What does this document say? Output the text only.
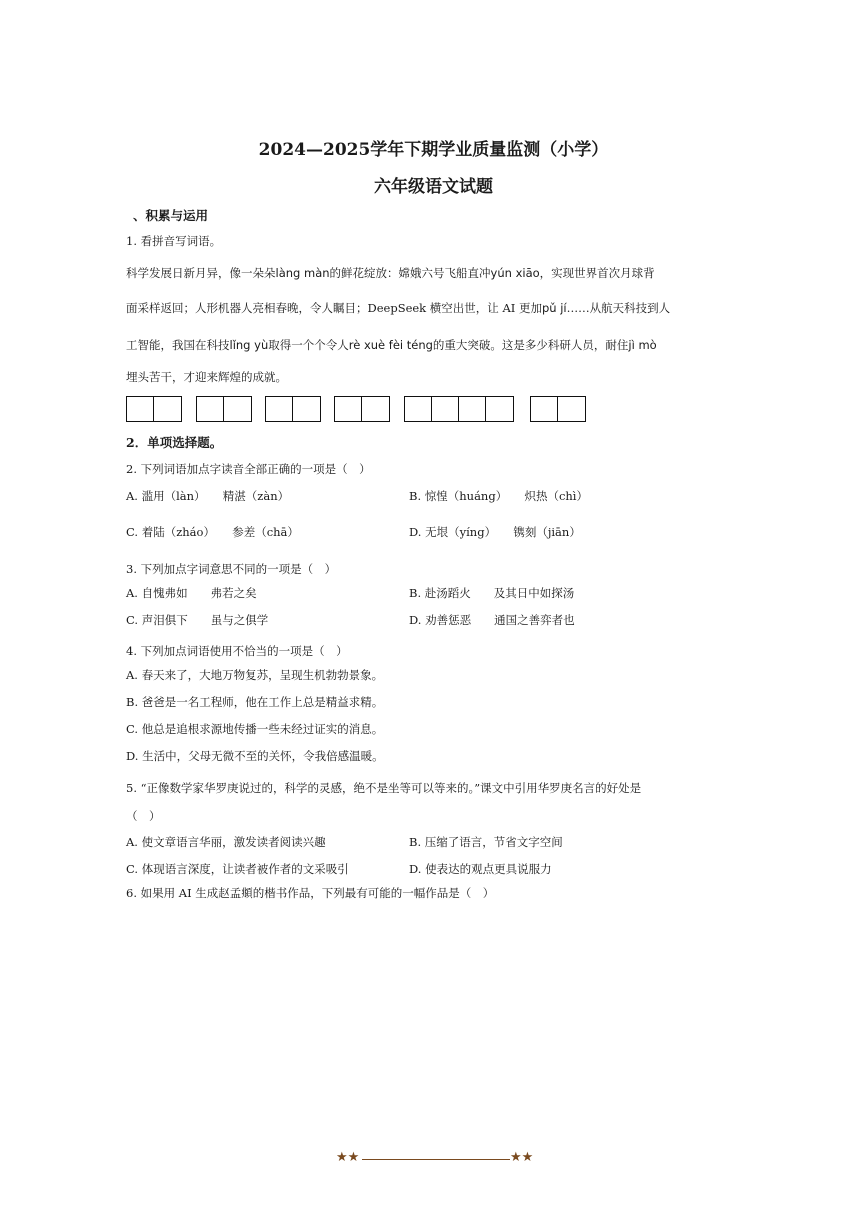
2024—2025学年下期学业质量监测（小学）
六年级语文试题
、积累与运用
1. 看拼音写词语。
科学发展日新月异，像一朵朵làng màn的鲜花绽放：嫦娥六号飞船直冲yún xiāo，实现世界首次月球背
面采样返回；人形机器人亮相春晚，令人瞩目；DeepSeek 横空出世，让 AI 更加pǔ jí……从航天科技到人
工智能，我国在科技lǐng yù取得一个个令人rè xuè fèi téng的重大突破。这是多少科研人员，耐住jì mò
埋头苦干，才迎来辉煌的成就。
2．单项选择题。
2. 下列词语加点字读音全部正确的一项是（　）
A. 滥用（làn）　　精湛（zàn）	B. 惊惶（huáng）　　炽热（chì）
C. 着陆（zháo）　　参差（chā）	D. 无垠（yíng）　　镌刻（jiān）
3. 下列加点字词意思不同的一项是（　）
A. 自愧弗如　　弗若之矣	B. 赴汤蹈火　　及其日中如探汤
C. 声泪俱下　　虽与之俱学	D. 劝善惩恶　　通国之善弈者也
4. 下列加点词语使用不恰当的一项是（　）
A. 春天来了，大地万物复苏，呈现生机勃勃景象。
B. 爸爸是一名工程师，他在工作上总是精益求精。
C. 他总是追根求源地传播一些未经过证实的消息。
D. 生活中，父母无微不至的关怀，令我倍感温暖。
5. “正像数学家华罗庚说过的，科学的灵感，绝不是坐等可以等来的。”课文中引用华罗庚名言的好处是
（　）
A. 使文章语言华丽，激发读者阅读兴趣	B. 压缩了语言，节省文字空间
C. 体现语言深度，让读者被作者的文采吸引	D. 使表达的观点更具说服力
6. 如果用 AI 生成赵孟頫的楷书作品，下列最有可能的一幅作品是（　）
★★	★★
